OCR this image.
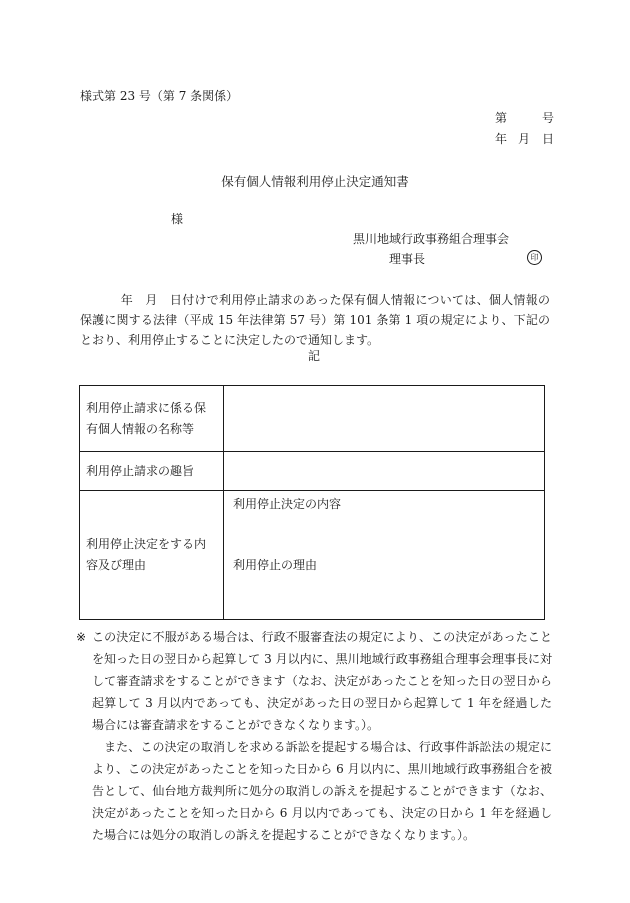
様式第 23 号（第 7 条関係）
第	号
年 月 日
保有個人情報利用停止決定通知書
様
黒川地域行政事務組合理事会
理事長	印

年　月　日付けで利用停止請求のあった保有個人情報については、個人情報の保護に関する法律（平成 15 年法律第 57 号）第 101 条第 1 項の規定により、下記のとおり、利用停止することに決定したので通知します。

記
利用停止請求に係る保有個人情報の名称等	
利用停止請求の趣旨	
利用停止決定をする内容及び理由	利用停止決定の内容
利用停止の理由

※ この決定に不服がある場合は、行政不服審査法の規定により、この決定があったことを知った日の翌日から起算して 3 月以内に、黒川地域行政事務組合理事会理事長に対して審査請求をすることができます（なお、決定があったことを知った日の翌日から起算して 3 月以内であっても、決定があった日の翌日から起算して 1 年を経過した場合には審査請求をすることができなくなります。）。

また、この決定の取消しを求める訴訟を提起する場合は、行政事件訴訟法の規定により、この決定があったことを知った日から 6 月以内に、黒川地域行政事務組合を被告として、仙台地方裁判所に処分の取消しの訴えを提起することができます（なお、決定があったことを知った日から 6 月以内であっても、決定の日から 1 年を経過した場合には処分の取消しの訴えを提起することができなくなります。）。
